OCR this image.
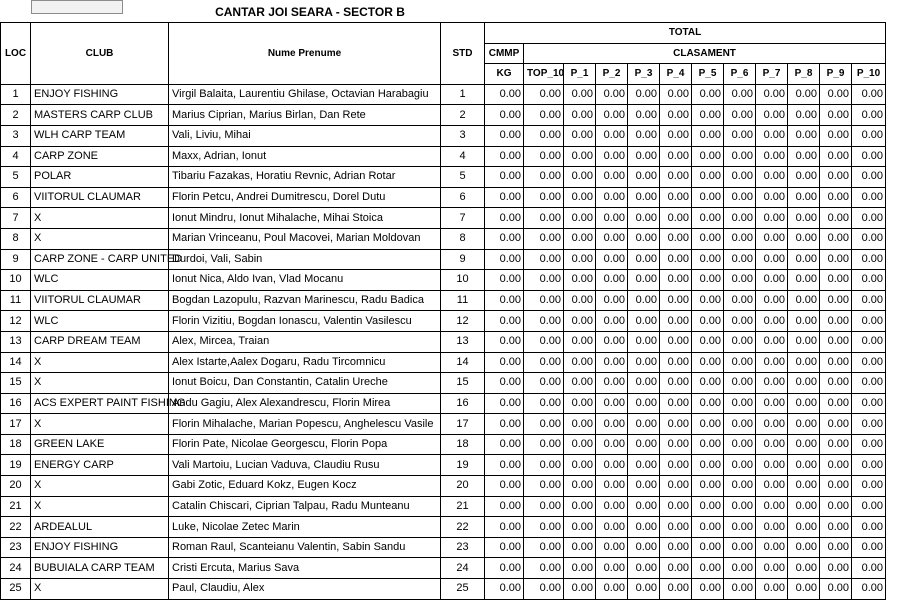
CANTAR JOI SEARA - SECTOR B
LOC	CLUB	Nume Prenume	STD	TOTAL											
				CMMP	CLASAMENT										
				KG	TOP_10	P_1	P_2	P_3	P_4	P_5	P_6	P_7	P_8	P_9	P_10
1	ENJOY FISHING	Virgil Balaita, Laurentiu Ghilase, Octavian Harabagiu	1	0.00	0.00	0.00	0.00	0.00	0.00	0.00	0.00	0.00	0.00	0.00	0.00
2	MASTERS CARP CLUB	Marius Ciprian, Marius Birlan, Dan Rete	2	0.00	0.00	0.00	0.00	0.00	0.00	0.00	0.00	0.00	0.00	0.00	0.00
3	WLH CARP TEAM	Vali, Liviu, Mihai	3	0.00	0.00	0.00	0.00	0.00	0.00	0.00	0.00	0.00	0.00	0.00	0.00
4	CARP ZONE	Maxx, Adrian, Ionut	4	0.00	0.00	0.00	0.00	0.00	0.00	0.00	0.00	0.00	0.00	0.00	0.00
5	POLAR	Tibariu Fazakas, Horatiu Revnic, Adrian Rotar	5	0.00	0.00	0.00	0.00	0.00	0.00	0.00	0.00	0.00	0.00	0.00	0.00
6	VIITORUL CLAUMAR	Florin Petcu, Andrei Dumitrescu, Dorel Dutu	6	0.00	0.00	0.00	0.00	0.00	0.00	0.00	0.00	0.00	0.00	0.00	0.00
7	X	Ionut Mindru, Ionut Mihalache, Mihai Stoica	7	0.00	0.00	0.00	0.00	0.00	0.00	0.00	0.00	0.00	0.00	0.00	0.00
8	X	Marian Vrinceanu, Poul Macovei, Marian Moldovan	8	0.00	0.00	0.00	0.00	0.00	0.00	0.00	0.00	0.00	0.00	0.00	0.00
9	CARP ZONE - CARP UNITED	Durdoi, Vali, Sabin	9	0.00	0.00	0.00	0.00	0.00	0.00	0.00	0.00	0.00	0.00	0.00	0.00
10	WLC	Ionut Nica, Aldo Ivan, Vlad Mocanu	10	0.00	0.00	0.00	0.00	0.00	0.00	0.00	0.00	0.00	0.00	0.00	0.00
11	VIITORUL CLAUMAR	Bogdan Lazopulu, Razvan Marinescu, Radu Badica	11	0.00	0.00	0.00	0.00	0.00	0.00	0.00	0.00	0.00	0.00	0.00	0.00
12	WLC	Florin Vizitiu, Bogdan Ionascu, Valentin Vasilescu	12	0.00	0.00	0.00	0.00	0.00	0.00	0.00	0.00	0.00	0.00	0.00	0.00
13	CARP DREAM TEAM	Alex, Mircea, Traian	13	0.00	0.00	0.00	0.00	0.00	0.00	0.00	0.00	0.00	0.00	0.00	0.00
14	X	Alex Istarte,Aalex Dogaru, Radu Tircomnicu	14	0.00	0.00	0.00	0.00	0.00	0.00	0.00	0.00	0.00	0.00	0.00	0.00
15	X	Ionut Boicu, Dan Constantin, Catalin Ureche	15	0.00	0.00	0.00	0.00	0.00	0.00	0.00	0.00	0.00	0.00	0.00	0.00
16	ACS EXPERT PAINT FISHING	Andu Gagiu, Alex Alexandrescu, Florin Mirea	16	0.00	0.00	0.00	0.00	0.00	0.00	0.00	0.00	0.00	0.00	0.00	0.00
17	X	Florin Mihalache, Marian Popescu, Anghelescu Vasile	17	0.00	0.00	0.00	0.00	0.00	0.00	0.00	0.00	0.00	0.00	0.00	0.00
18	GREEN LAKE	Florin Pate, Nicolae Georgescu, Florin Popa	18	0.00	0.00	0.00	0.00	0.00	0.00	0.00	0.00	0.00	0.00	0.00	0.00
19	ENERGY CARP	Vali Martoiu, Lucian Vaduva, Claudiu Rusu	19	0.00	0.00	0.00	0.00	0.00	0.00	0.00	0.00	0.00	0.00	0.00	0.00
20	X	Gabi Zotic, Eduard Kokz, Eugen Kocz	20	0.00	0.00	0.00	0.00	0.00	0.00	0.00	0.00	0.00	0.00	0.00	0.00
21	X	Catalin Chiscari, Ciprian Talpau, Radu Munteanu	21	0.00	0.00	0.00	0.00	0.00	0.00	0.00	0.00	0.00	0.00	0.00	0.00
22	ARDEALUL	Luke, Nicolae Zetec Marin	22	0.00	0.00	0.00	0.00	0.00	0.00	0.00	0.00	0.00	0.00	0.00	0.00
23	ENJOY FISHING	Roman Raul, Scanteianu Valentin, Sabin Sandu	23	0.00	0.00	0.00	0.00	0.00	0.00	0.00	0.00	0.00	0.00	0.00	0.00
24	BUBUIALA CARP TEAM	Cristi Ercuta, Marius Sava	24	0.00	0.00	0.00	0.00	0.00	0.00	0.00	0.00	0.00	0.00	0.00	0.00
25	X	Paul, Claudiu, Alex	25	0.00	0.00	0.00	0.00	0.00	0.00	0.00	0.00	0.00	0.00	0.00	0.00
